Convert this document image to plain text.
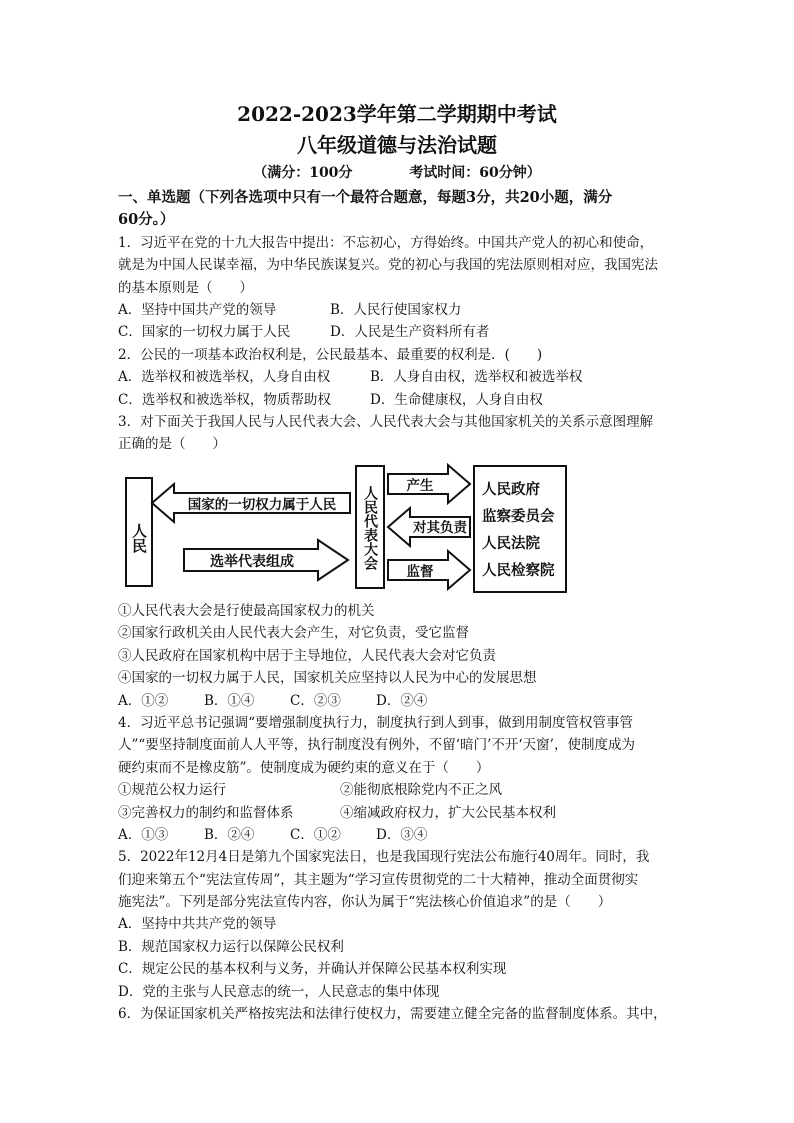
2022-2023学年第二学期期中考试
八年级道德与法治试题
（满分：100分	考试时间：60分钟）
一、单选题（下列各选项中只有一个最符合题意，每题3分，共20小题，满分
60分。）
1．习近平在党的十九大报告中提出：不忘初心，方得始终。中国共产党人的初心和使命，
就是为中国人民谋幸福，为中华民族谋复兴。党的初心与我国的宪法原则相对应，我国宪法
的基本原则是（　　）
A．坚持中国共产党的领导	B．人民行使国家权力
C．国家的一切权力属于人民	D．人民是生产资料所有者
2．公民的一项基本政治权利是，公民最基本、最重要的权利是．(　　)
A．选举权和被选举权，人身自由权	B．人身自由权，选举权和被选举权
C．选举权和被选举权，物质帮助权	D．生命健康权，人身自由权
3．对下面关于我国人民与人民代表大会、人民代表大会与其他国家机关的关系示意图理解
正确的是（　　）
人民	人民代表大会
国家的一切权力属于人民
选举代表组成
产生
对其负责
监督
人民政府
监察委员会
人民法院
人民检察院
①人民代表大会是行使最高国家权力的机关
②国家行政机关由人民代表大会产生，对它负责，受它监督
③人民政府在国家机构中居于主导地位，人民代表大会对它负责
④国家的一切权力属于人民，国家机关应坚持以人民为中心的发展思想
A．①②	B．①④	C．②③	D．②④
4．习近平总书记强调“要增强制度执行力，制度执行到人到事，做到用制度管权管事管
人”“要坚持制度面前人人平等，执行制度没有例外，不留‘暗门’不开‘天窗’，使制度成为
硬约束而不是橡皮筋”。使制度成为硬约束的意义在于（　　）
①规范公权力运行	②能彻底根除党内不正之风
③完善权力的制约和监督体系	④缩减政府权力，扩大公民基本权利
A．①③	B．②④	C．①②	D．③④
5．2022年12月4日是第九个国家宪法日，也是我国现行宪法公布施行40周年。同时，我
们迎来第五个“宪法宣传周”，其主题为“学习宣传贯彻党的二十大精神，推动全面贯彻实
施宪法”。下列是部分宪法宣传内容，你认为属于“宪法核心价值追求”的是（　　）
A．坚持中共共产党的领导
B．规范国家权力运行以保障公民权利
C．规定公民的基本权利与义务，并确认并保障公民基本权利实现
D．党的主张与人民意志的统一，人民意志的集中体现
6．为保证国家机关严格按宪法和法律行使权力，需要建立健全完备的监督制度体系。其中，
